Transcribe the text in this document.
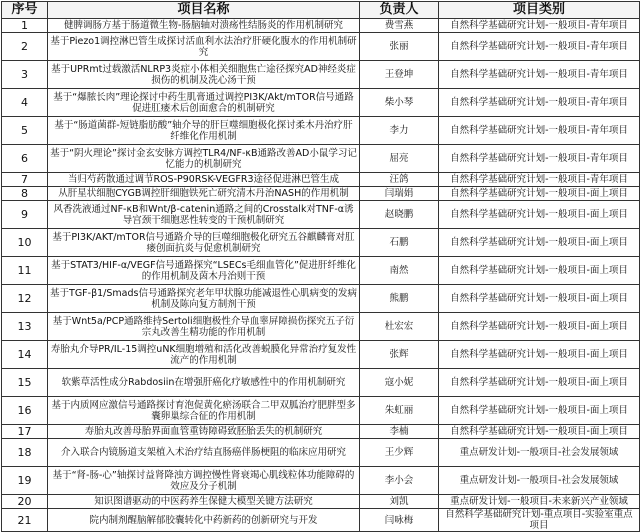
序号	项目名称	负责人	项目类别
1	健脾调肠方基于肠道微生物-肠脑轴对溃疡性结肠炎的作用机制研究	费雪燕	自然科学基础研究计划-一般项目-青年项目
2	基于Piezo1调控淋巴管生成探讨活血利水法治疗肝硬化腹水的作用机制研究	张丽	自然科学基础研究计划-一般项目-青年项目
3	基于UPRmt过载激活NLRP3炎症小体相关细胞焦亡途径探究AD神经炎症损伤的机制及洗心汤干预	王登坤	自然科学基础研究计划-一般项目-青年项目
4	基于“爆脓长肉”理论探讨中药生肌膏通过调控PI3K/Akt/mTOR信号通路促进肛瘘术后创面愈合的机制研究	柴小琴	自然科学基础研究计划-一般项目-青年项目
5	基于“肠道菌群-短链脂肪酸”轴介导的肝巨噬细胞极化探讨柔木丹治疗肝纤维化作用机制	李力	自然科学基础研究计划-一般项目-青年项目
6	基于“阴火理论”探讨金玄安脉方调控TLR4/NF-κB通路改善AD小鼠学习记忆能力的机制研究	屈亮	自然科学基础研究计划-一般项目-青年项目
7	当归芍药散通过调节ROS-P90RSK-VEGFR3途径促进淋巴管生成	汪鸽	自然科学基础研究计划-一般项目-青年项目
8	从肝星状细胞CYGB调控肝细胞铁死亡研究清木丹治NASH的作用机制	闫瑞娟	自然科学基础研究计划-一般项目-面上项目
9	风香洗液通过NF-κB和Wnt/β-catenin通路之间的Crosstalk对TNF-α诱导宫颈干细胞恶性转变的干预机制研究	赵晓鹏	自然科学基础研究计划-一般项目-面上项目
10	基于PI3K/AKT/mTOR信号通路介导的巨噬细胞极化研究五谷麒麟膏对肛瘘创面抗炎与促愈机制研究	石鹏	自然科学基础研究计划-一般项目-面上项目
11	基于STAT3/HIF-α/VEGF信号通路探究“LSECs毛细血管化”促进肝纤维化的作用机制及茵木丹治则干预	南然	自然科学基础研究计划-一般项目-面上项目
12	基于TGF-β1/Smads信号通路探究老年甲状腺功能减退性心肌病变的发病机制及陈向复方制剂干预	熊鹏	自然科学基础研究计划-一般项目-面上项目
13	基于Wnt5a/PCP通路维持Sertoli细胞极性介导血睾屏障损伤探究五子衍宗丸改善生精功能的作用机制	杜宏宏	自然科学基础研究计划-一般项目-面上项目
14	寿胎丸介导PR/IL-15调控uNK细胞增殖和活化改善蜕膜化异常治疗复发性流产的作用机制	张辉	自然科学基础研究计划-一般项目-面上项目
15	软紫草活性成分Rabdosiin在增强肝癌化疗敏感性中的作用机制研究	寇小妮	自然科学基础研究计划-一般项目-面上项目
16	基于内质网应激信号通路探讨育泡促黄化瘀汤联合二甲双胍治疗肥胖型多囊卵巢综合征的作用机制	朱虹丽	自然科学基础研究计划-一般项目-面上项目
17	寿胎丸改善母胎界面血管重铸障碍致胚胎丢失的机制研究	李楠	自然科学基础研究计划-一般项目-面上项目
18	介入联合内镜肠道支架植入术治疗结直肠癌伴肠梗阻的临床应用研究	王少辉	重点研发计划-一般项目-社会发展领域
19	基于“肾-肠-心”轴探讨益肾降浊方调控慢性肾衰竭心肌线粒体功能障碍的效应及分子机制	李小会	重点研发计划-一般项目-社会发展领域
20	知识图谱驱动的中医药养生保健大模型关键方法研究	刘凯	重点研发计划-一般项目-未来新兴产业领域
21	院内制剂醒脑解郁胶囊转化中药新药的创新研究与开发	闫咏梅	自然科学基础研究计划-重点项目-实验室重点项目
